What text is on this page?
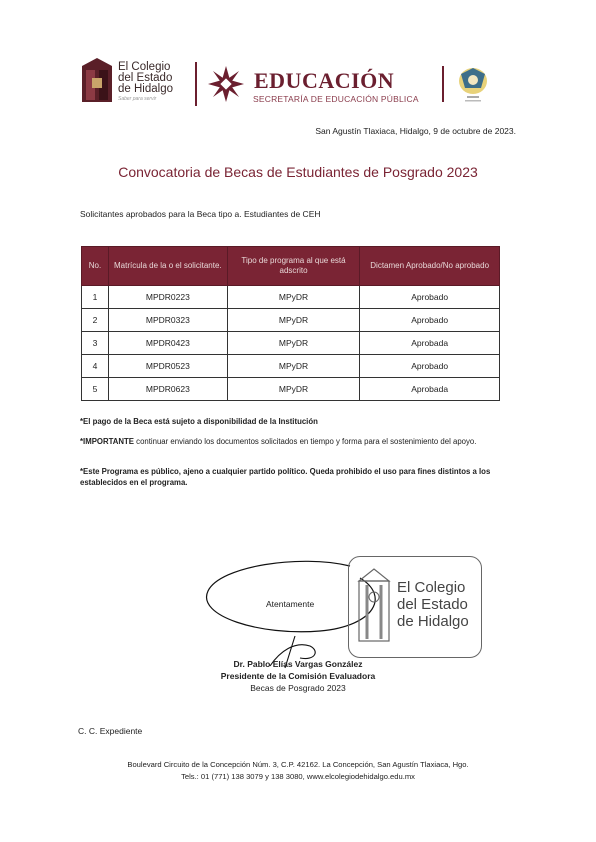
El Colegio
del Estado
de Hidalgo
Saber para servir
EDUCACIÓN
SECRETARÍA DE EDUCACIÓN PÚBLICA
San Agustín Tlaxiaca, Hidalgo, 9 de octubre de 2023.
Convocatoria de Becas de Estudiantes de Posgrado 2023
Solicitantes aprobados para la Beca tipo a. Estudiantes de CEH
No.	Matrícula de la o el solicitante.	Tipo de programa al que está adscrito	Dictamen Aprobado/No aprobado
1	MPDR0223	MPyDR	Aprobado
2	MPDR0323	MPyDR	Aprobado
3	MPDR0423	MPyDR	Aprobada
4	MPDR0523	MPyDR	Aprobado
5	MPDR0623	MPyDR	Aprobada
*El pago de la Beca está sujeto a disponibilidad de la Institución
*IMPORTANTE continuar enviando los documentos solicitados en tiempo y forma para el sostenimiento del apoyo.
*Este Programa es público, ajeno a cualquier partido político. Queda prohibido el uso para fines distintos a los establecidos en el programa.
Atentamente
El Colegio
del Estado
de Hidalgo
Dr. Pablo Elías Vargas González
Presidente de la Comisión Evaluadora
Becas de Posgrado 2023
C. C. Expediente
Boulevard Circuito de la Concepción Núm. 3, C.P. 42162. La Concepción, San Agustín Tlaxiaca, Hgo.
Tels.: 01 (771) 138 3079 y 138 3080, www.elcolegiodehidalgo.edu.mx
